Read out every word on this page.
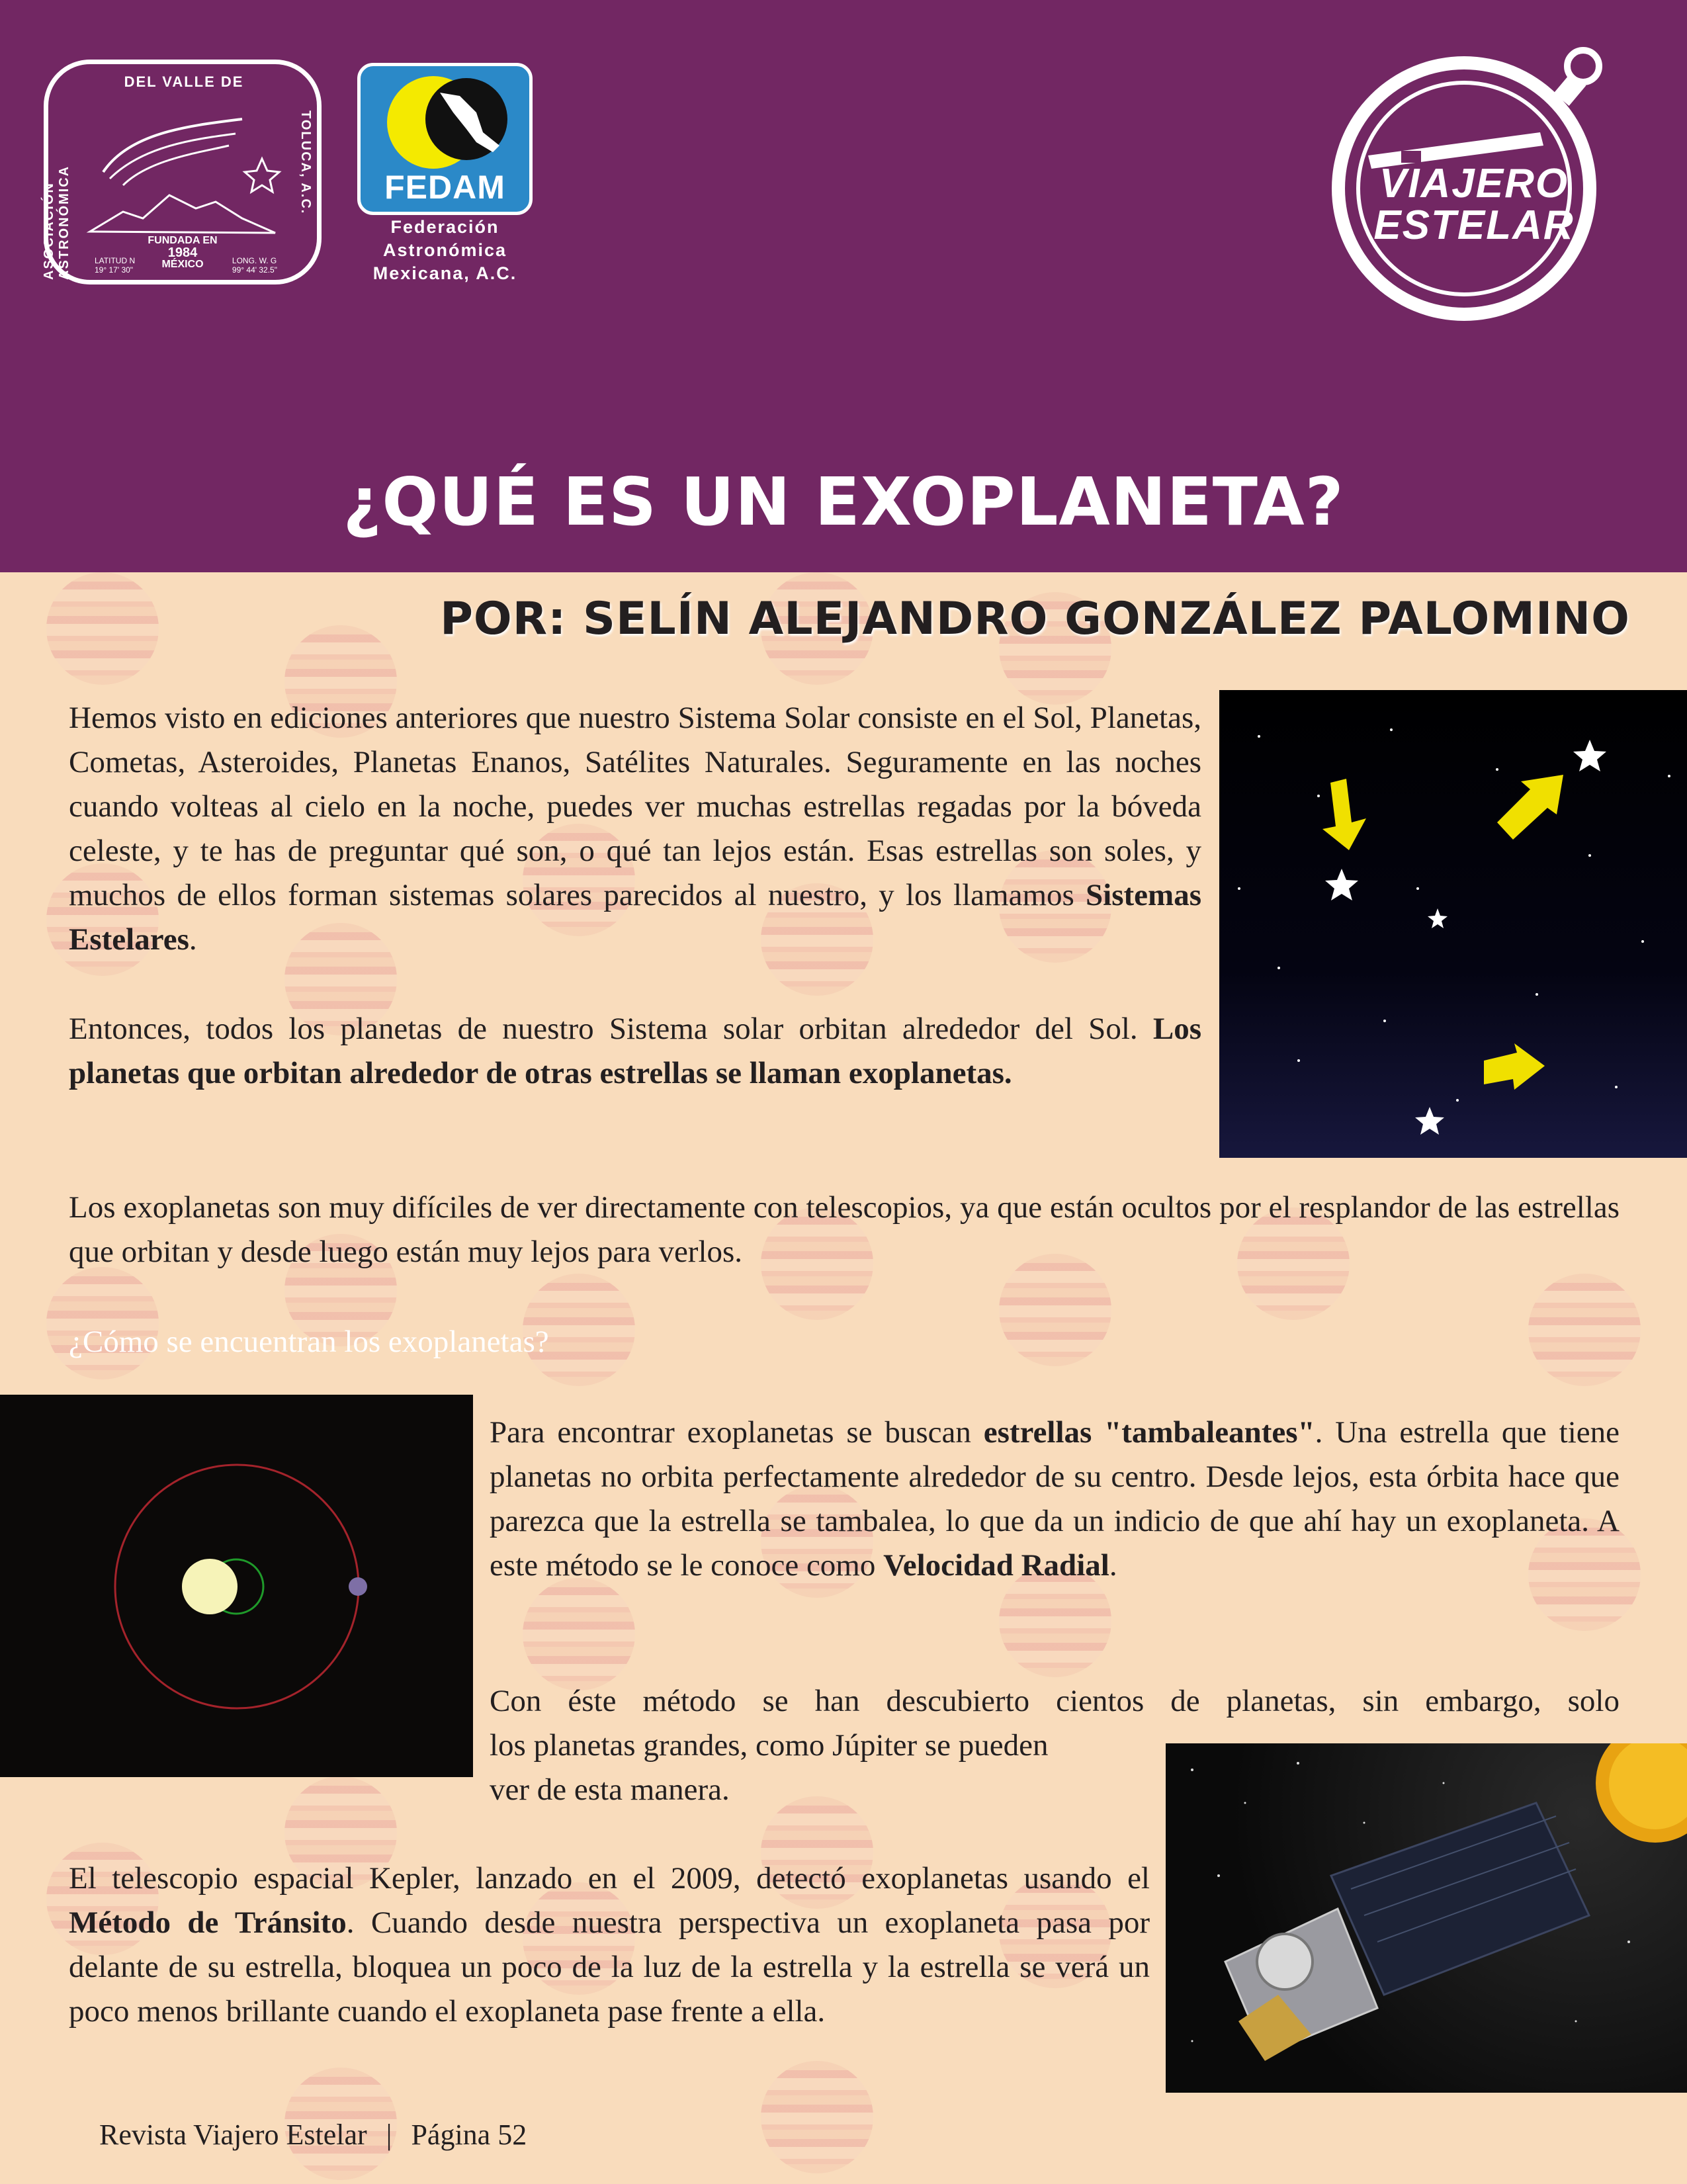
DEL VALLE DE
ASOCIACIÓN ASTRONÓMICA
TOLUCA, A.C.
FUNDADA EN
1984
MÉXICO
LATITUD N
19° 17' 30"
LONG. W. G
99° 44' 32.5"
FEDAM
Federación
Astronómica
Mexicana, A.C.
VIAJERO
ESTELAR
¿QUÉ ES UN EXOPLANETA?
POR: SELÍN ALEJANDRO GONZÁLEZ PALOMINO

Hemos visto en ediciones anteriores que nuestro Sistema Solar consiste en el Sol, Planetas, Cometas, Asteroides, Planetas Enanos, Satélites Naturales. Seguramente en las noches cuando volteas al cielo en la noche, puedes ver muchas estrellas regadas por la bóveda celeste, y te has de preguntar qué son, o qué tan lejos están. Esas estrellas son soles, y muchos de ellos forman sistemas solares parecidos al nuestro, y los llamamos Sistemas Estelares.

Entonces, todos los planetas de nuestro Sistema solar orbitan alrededor del Sol. Los planetas que orbitan alrededor de otras estrellas se llaman exoplanetas.

Los exoplanetas son muy difíciles de ver directamente con telescopios, ya que están ocultos por el resplandor de las estrellas que orbitan y desde luego están muy lejos para verlos.

¿Cómo se encuentran los exoplanetas?

Para encontrar exoplanetas se buscan estrellas "tambaleantes". Una estrella que tiene planetas no orbita perfectamente alrededor de su centro. Desde lejos, esta órbita hace que parezca que la estrella se tambalea, lo que da un indicio de que ahí hay un exoplaneta. A este método se le conoce como Velocidad Radial.

Con éste método se han descubierto cientos de planetas, sin embargo, solo
los planetas grandes, como Júpiter se pueden
ver de esta manera.

El telescopio espacial Kepler, lanzado en el 2009, detectó exoplanetas usando el Método de Tránsito. Cuando desde nuestra perspectiva un exoplaneta pasa por delante de su estrella, bloquea un poco de la luz de la estrella y la estrella se verá un poco menos brillante cuando el exoplaneta pase frente a ella.

Revista Viajero Estelar | Página 52
